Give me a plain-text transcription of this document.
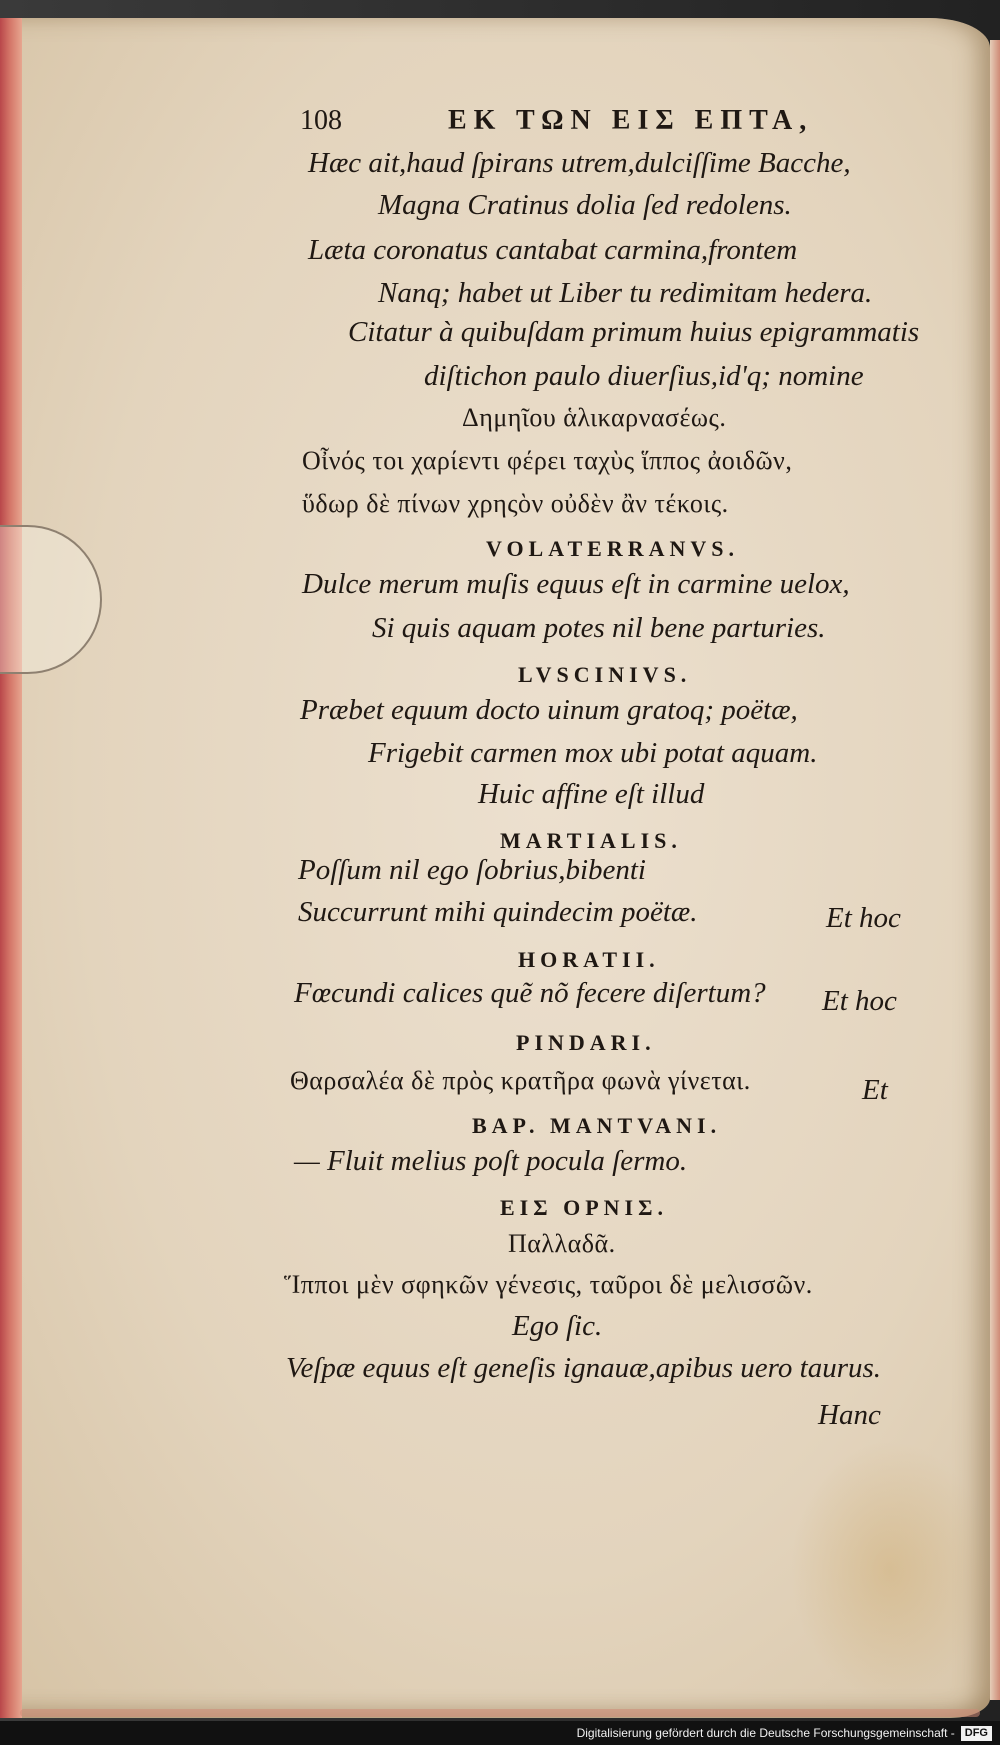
108	ΕΚ ΤΩΝ ΕΙΣ ΕΠΤΑ,
Hæc ait,haud ſpirans utrem,dulciſſime Bacche,
Magna Cratinus dolia ſed redolens.
Læta coronatus cantabat carmina,frontem
Nanq; habet ut Liber tu redimitam hedera.
Citatur à quibuſdam primum huius epigrammatis
diſtichon paulo diuerſius,id'q; nomine
Δημηῖου ἁλικαρνασέως.
Οἶνός τοι χαρίεντι φέρει ταχὺς ἵππος ἀοιδῶν,
ὕδωρ δὲ πίνων χρηςὸν οὐδὲν ἂν τέκοις.
VOLATERRANVS.
Dulce merum muſis equus eſt in carmine uelox,
Si quis aquam potes nil bene parturies.
LVSCINIVS.
Præbet equum docto uinum gratoq; poëtæ,
Frigebit carmen mox ubi potat aquam.
Huic affine eſt illud
MARTIALIS.
Poſſum nil ego ſobrius,bibenti
Succurrunt mihi quindecim poëtæ.	Et hoc
HORATII.
Fœcundi calices quẽ nõ fecere diſertum? Et hoc
PINDARI.
Θαρσαλέα δὲ πρὸς κρατῆρα φωνὰ γίνεται.	Et
BAP. MANTVANI.
— Fluit melius poſt pocula ſermo.
ΕΙΣ ΟΡΝΙΣ.
Παλλαδᾶ.
Ἵπποι μὲν σφηκῶν γένεσις, ταῦροι δὲ μελισσῶν.
Ego ſic.
Veſpæ equus eſt geneſis ignauæ,apibus uero taurus.
Hanc
Digitalisierung gefördert durch die Deutsche Forschungsgemeinschaft - DFG
